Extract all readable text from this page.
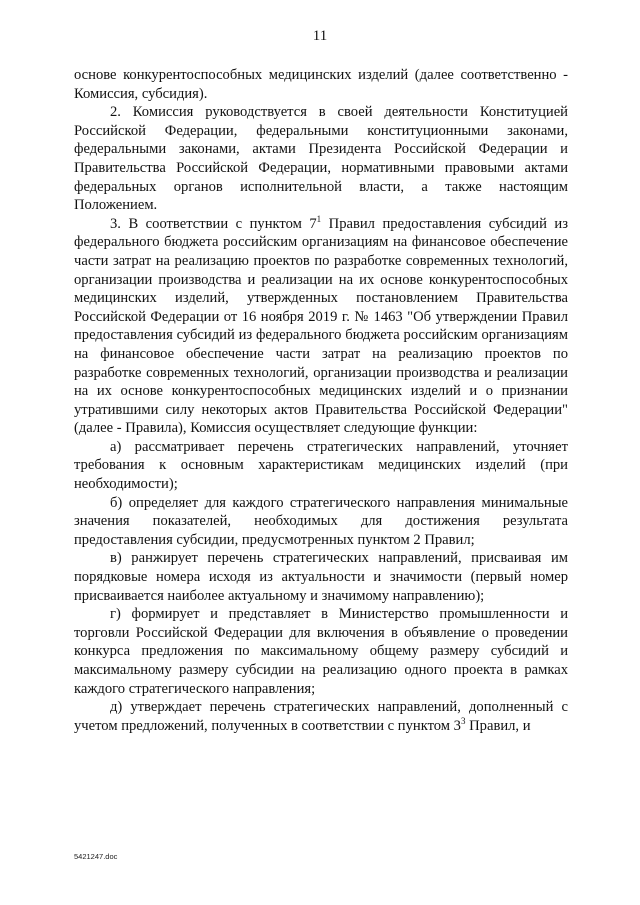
11

основе конкурентоспособных медицинских изделий (далее соответственно - Комиссия, субсидия).

2. Комиссия руководствуется в своей деятельности Конституцией Российской Федерации, федеральными конституционными законами, федеральными законами, актами Президента Российской Федерации и Правительства Российской Федерации, нормативными правовыми актами федеральных органов исполнительной власти, а также настоящим Положением.

3. В соответствии с пунктом $7^1$ Правил предоставления субсидий из федерального бюджета российским организациям на финансовое обеспечение части затрат на реализацию проектов по разработке современных технологий, организации производства и реализации на их основе конкурентоспособных медицинских изделий, утвержденных постановлением Правительства Российской Федерации от 16 ноября 2019 г. № 1463 "Об утверждении Правил предоставления субсидий из федерального бюджета российским организациям на финансовое обеспечение части затрат на реализацию проектов по разработке современных технологий, организации производства и реализации на их основе конкурентоспособных медицинских изделий и о признании утратившими силу некоторых актов Правительства Российской Федерации" (далее - Правила), Комиссия осуществляет следующие функции:

а) рассматривает перечень стратегических направлений, уточняет требования к основным характеристикам медицинских изделий (при необходимости);

б) определяет для каждого стратегического направления минимальные значения показателей, необходимых для достижения результата предоставления субсидии, предусмотренных пунктом 2 Правил;

в) ранжирует перечень стратегических направлений, присваивая им порядковые номера исходя из актуальности и значимости (первый номер присваивается наиболее актуальному и значимому направлению);

г) формирует и представляет в Министерство промышленности и торговли Российской Федерации для включения в объявление о проведении конкурса предложения по максимальному общему размеру субсидий и максимальному размеру субсидии на реализацию одного проекта в рамках каждого стратегического направления;

д) утверждает перечень стратегических направлений, дополненный с учетом предложений, полученных в соответствии с пунктом $3^3$ Правил, и

5421247.doc
